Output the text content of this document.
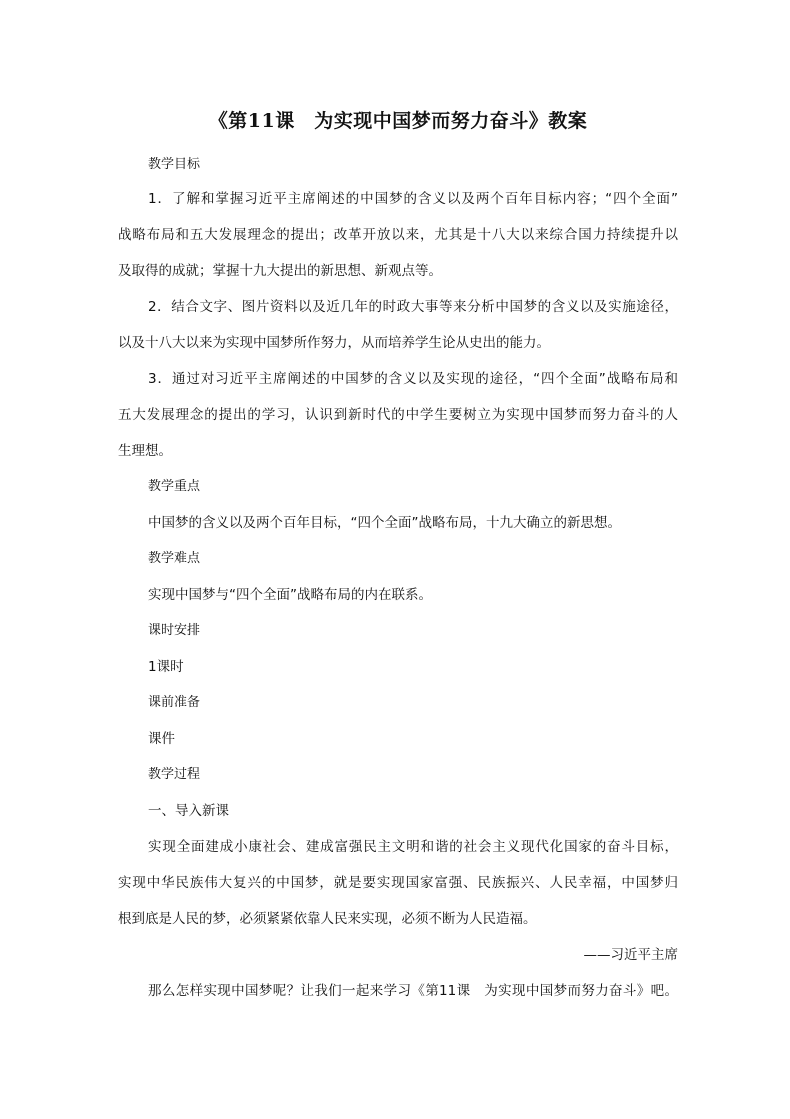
《第11课　为实现中国梦而努力奋斗》教案
教学目标
1．了解和掌握习近平主席阐述的中国梦的含义以及两个百年目标内容；“四个全面”
战略布局和五大发展理念的提出；改革开放以来，尤其是十八大以来综合国力持续提升以
及取得的成就；掌握十九大提出的新思想、新观点等。
2．结合文字、图片资料以及近几年的时政大事等来分析中国梦的含义以及实施途径，
以及十八大以来为实现中国梦所作努力，从而培养学生论从史出的能力。
3．通过对习近平主席阐述的中国梦的含义以及实现的途径，“四个全面”战略布局和
五大发展理念的提出的学习，认识到新时代的中学生要树立为实现中国梦而努力奋斗的人
生理想。
教学重点
中国梦的含义以及两个百年目标，“四个全面”战略布局，十九大确立的新思想。
教学难点
实现中国梦与“四个全面”战略布局的内在联系。
课时安排
1课时
课前准备
课件
教学过程
一、导入新课
实现全面建成小康社会、建成富强民主文明和谐的社会主义现代化国家的奋斗目标，
实现中华民族伟大复兴的中国梦，就是要实现国家富强、民族振兴、人民幸福，中国梦归
根到底是人民的梦，必须紧紧依靠人民来实现，必须不断为人民造福。
——习近平主席
那么怎样实现中国梦呢？让我们一起来学习《第11课　为实现中国梦而努力奋斗》吧。
